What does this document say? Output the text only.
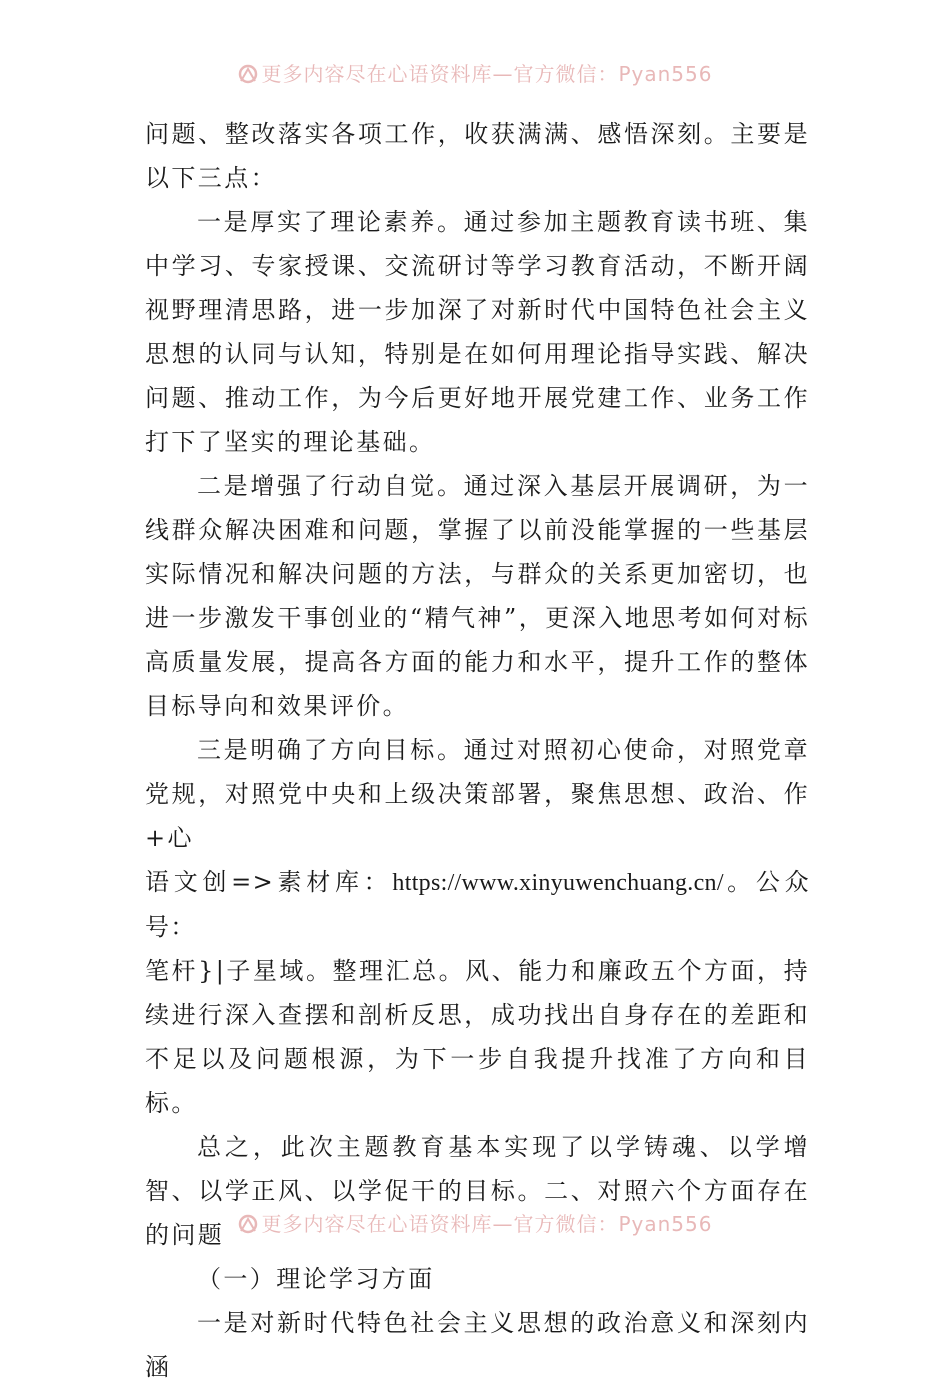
更多内容尽在心语资料库—官方微信：Pyan556

问题、整改落实各项工作，收获满满、感悟深刻。主要是以下三点：

一是厚实了理论素养。通过参加主题教育读书班、集中学习、专家授课、交流研讨等学习教育活动，不断开阔视野理清思路，进一步加深了对新时代中国特色社会主义思想的认同与认知，特别是在如何用理论指导实践、解决问题、推动工作，为今后更好地开展党建工作、业务工作打下了坚实的理论基础。

二是增强了行动自觉。通过深入基层开展调研，为一线群众解决困难和问题，掌握了以前没能掌握的一些基层实际情况和解决问题的方法，与群众的关系更加密切，也进一步激发干事创业的“精气神”，更深入地思考如何对标高质量发展，提高各方面的能力和水平，提升工作的整体目标导向和效果评价。

三是明确了方向目标。通过对照初心使命，对照党章党规，对照党中央和上级决策部署，聚焦思想、政治、作+心

语文创=>素材库：https://www.xinyuwenchuang.cn/。公众号：

笔杆}|子星域。整理汇总。风、能力和廉政五个方面，持续进行深入查摆和剖析反思，成功找出自身存在的差距和不足以及问题根源，为下一步自我提升找准了方向和目标。

总之，此次主题教育基本实现了以学铸魂、以学增智、以学正风、以学促干的目标。二、对照六个方面存在的问题

（一）理论学习方面

一是对新时代特色社会主义思想的政治意义和深刻内涵

更多内容尽在心语资料库—官方微信：Pyan556
